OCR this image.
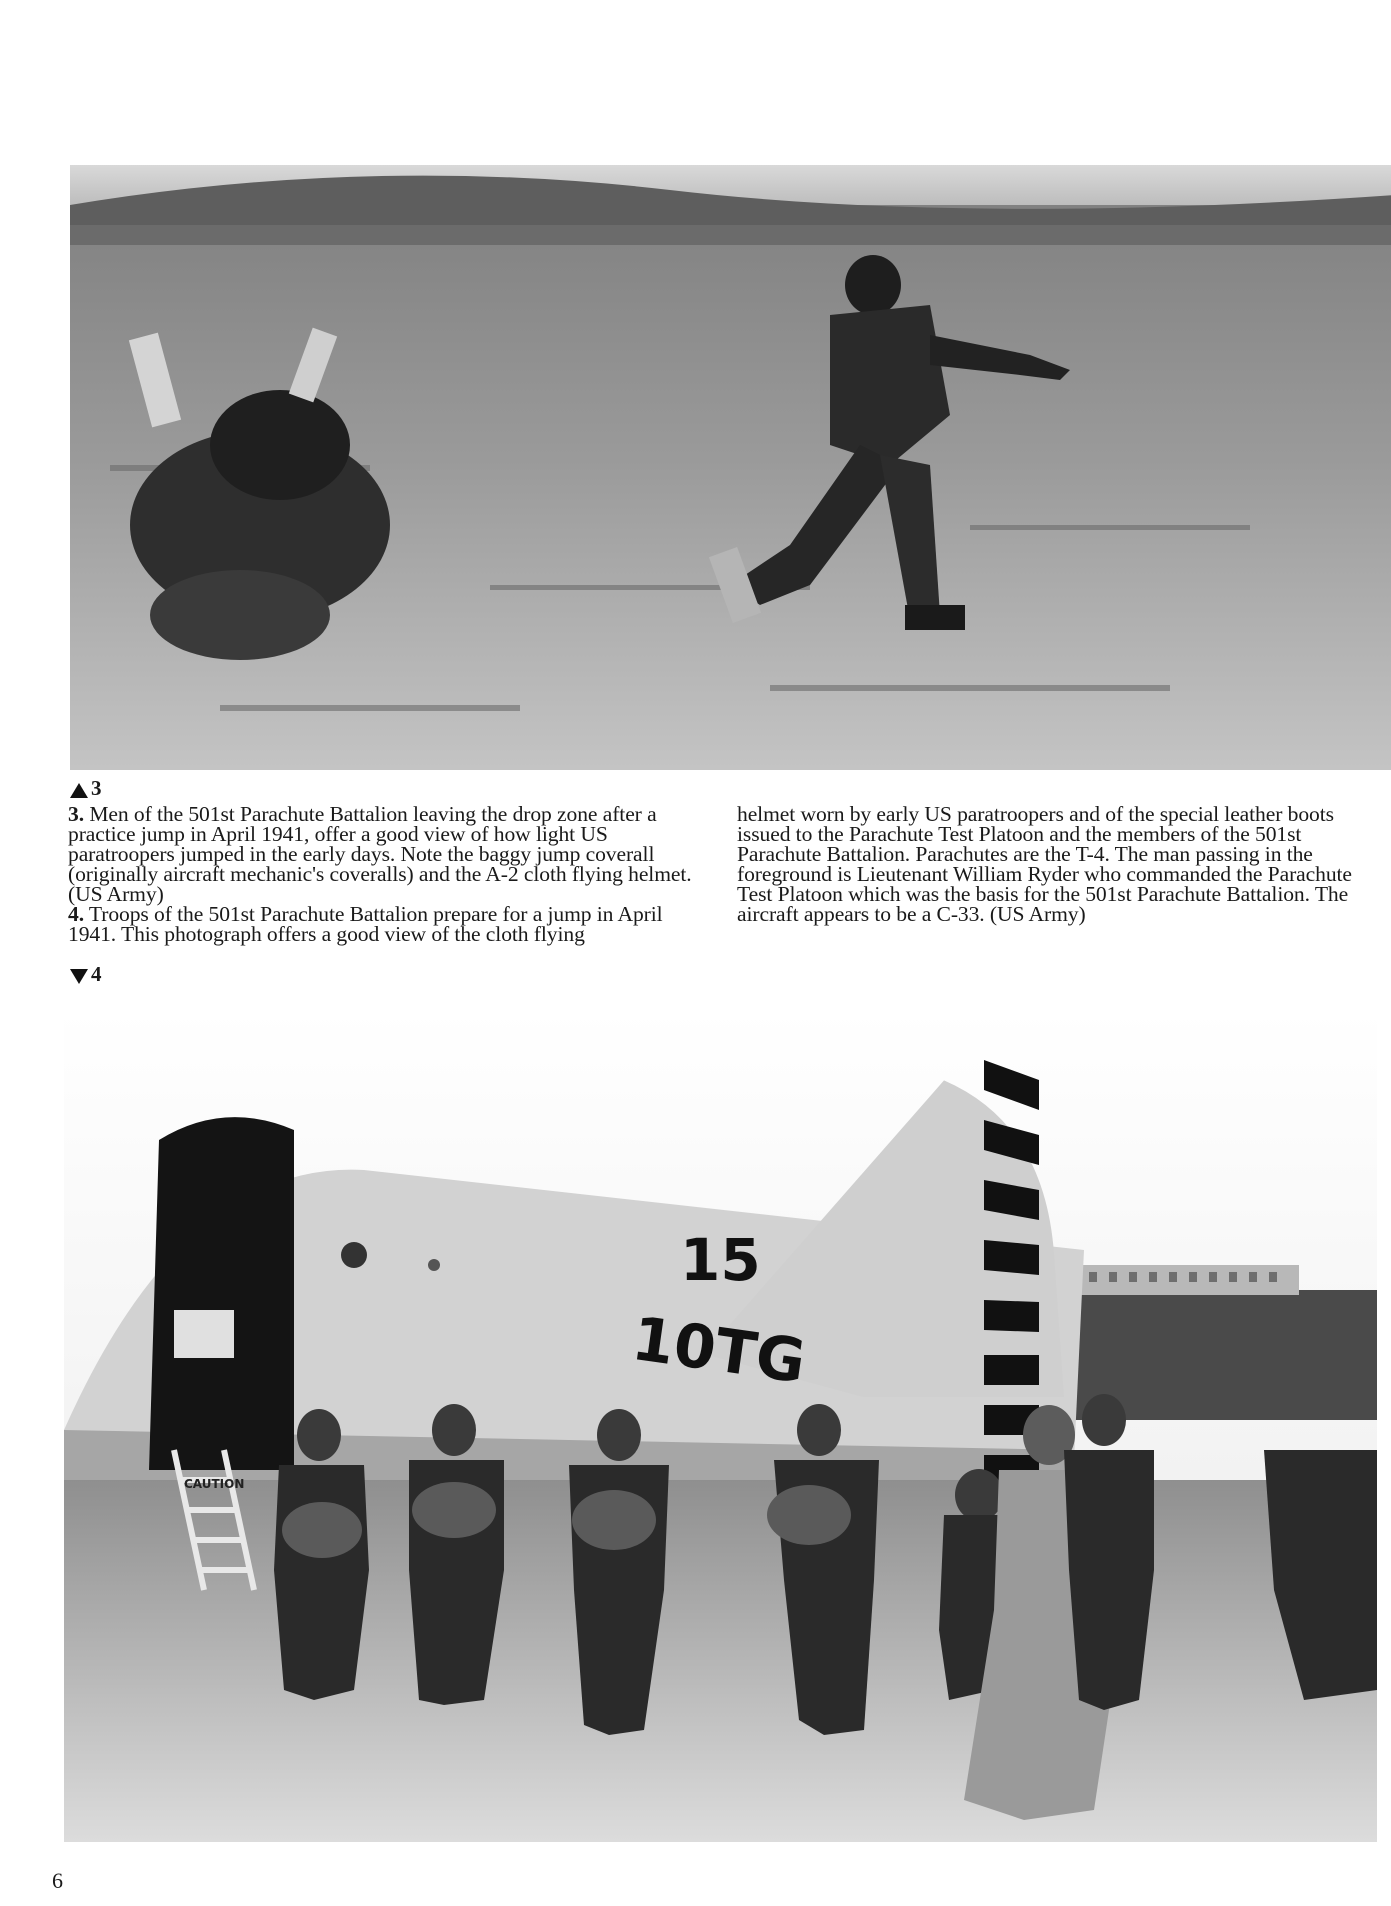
3

3. Men of the 501st Parachute Battalion leaving the drop zone after a practice jump in April 1941, offer a good view of how light US paratroopers jumped in the early days. Note the baggy jump coverall (originally aircraft mechanic's coveralls) and the A-2 cloth flying helmet. (US Army)

4. Troops of the 501st Parachute Battalion prepare for a jump in April 1941. This photograph offers a good view of the cloth flying

4

helmet worn by early US paratroopers and of the special leather boots issued to the Parachute Test Platoon and the members of the 501st Parachute Battalion. Parachutes are the T-4. The man passing in the foreground is Lieutenant William Ryder who commanded the Parachute Test Platoon which was the basis for the 501st Parachute Battalion. The aircraft appears to be a C-33. (US Army)

15
10TG
CAUTION
6
